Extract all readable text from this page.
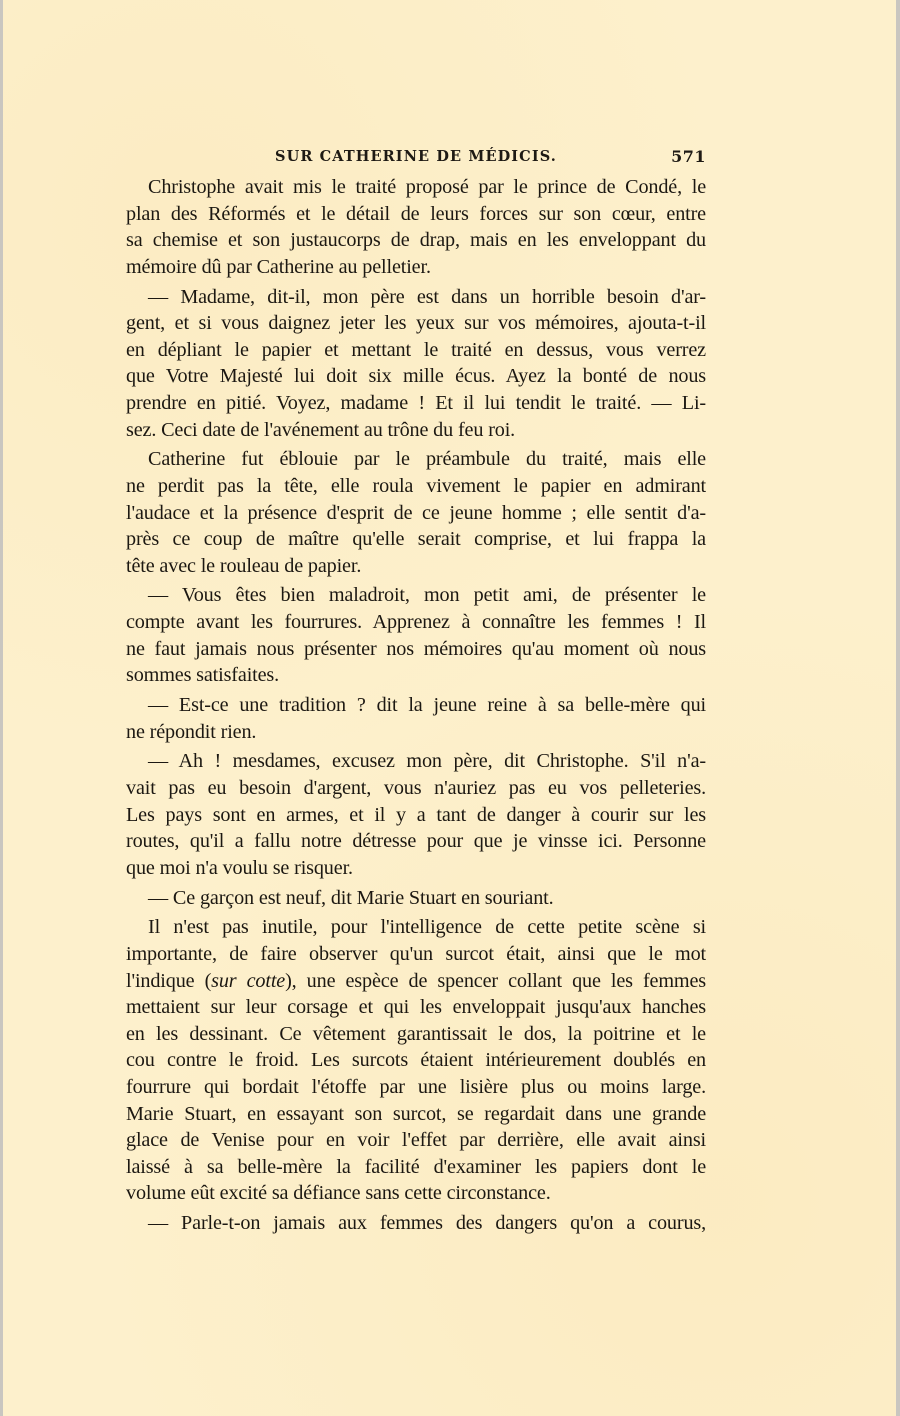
SUR CATHERINE DE MÉDICIS.	571
Christophe avait mis le traité proposé par le prince de Condé, le
plan des Réformés et le détail de leurs forces sur son cœur, entre
sa chemise et son justaucorps de drap, mais en les enveloppant du
mémoire dû par Catherine au pelletier.
— Madame, dit-il, mon père est dans un horrible besoin d'ar-
gent, et si vous daignez jeter les yeux sur vos mémoires, ajouta-t-il
en dépliant le papier et mettant le traité en dessus, vous verrez
que Votre Majesté lui doit six mille écus. Ayez la bonté de nous
prendre en pitié. Voyez, madame ! Et il lui tendit le traité. — Li-
sez. Ceci date de l'avénement au trône du feu roi.
Catherine fut éblouie par le préambule du traité, mais elle
ne perdit pas la tête, elle roula vivement le papier en admirant
l'audace et la présence d'esprit de ce jeune homme ; elle sentit d'a-
près ce coup de maître qu'elle serait comprise, et lui frappa la
tête avec le rouleau de papier.
— Vous êtes bien maladroit, mon petit ami, de présenter le
compte avant les fourrures. Apprenez à connaître les femmes ! Il
ne faut jamais nous présenter nos mémoires qu'au moment où nous
sommes satisfaites.
— Est-ce une tradition ? dit la jeune reine à sa belle-mère qui
ne répondit rien.
— Ah ! mesdames, excusez mon père, dit Christophe. S'il n'a-
vait pas eu besoin d'argent, vous n'auriez pas eu vos pelleteries.
Les pays sont en armes, et il y a tant de danger à courir sur les
routes, qu'il a fallu notre détresse pour que je vinsse ici. Personne
que moi n'a voulu se risquer.
— Ce garçon est neuf, dit Marie Stuart en souriant.
Il n'est pas inutile, pour l'intelligence de cette petite scène si
importante, de faire observer qu'un surcot était, ainsi que le mot
l'indique (sur cotte), une espèce de spencer collant que les femmes
mettaient sur leur corsage et qui les enveloppait jusqu'aux hanches
en les dessinant. Ce vêtement garantissait le dos, la poitrine et le
cou contre le froid. Les surcots étaient intérieurement doublés en
fourrure qui bordait l'étoffe par une lisière plus ou moins large.
Marie Stuart, en essayant son surcot, se regardait dans une grande
glace de Venise pour en voir l'effet par derrière, elle avait ainsi
laissé à sa belle-mère la facilité d'examiner les papiers dont le
volume eût excité sa défiance sans cette circonstance.
— Parle-t-on jamais aux femmes des dangers qu'on a courus,
